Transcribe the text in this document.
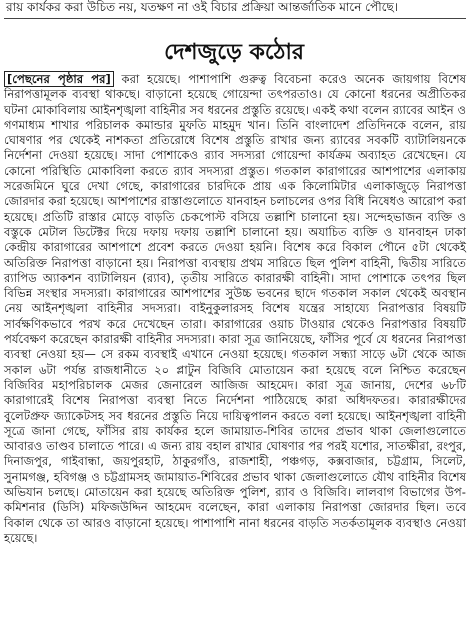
রায় কার্যকর করা উচিত নয়, যতক্ষণ না ওই বিচার প্রক্রিয়া আন্তর্জাতিক মানে পৌছে।
দেশজুড়ে কঠোর
[পেছনের পৃষ্ঠার পর] করা হয়েছে। পাশাপাশি গুরুত্ব বিবেচনা করেও অনেক জায়গায় বিশেষ নিরাপত্তামূলক ব্যবস্থা থাকছে। বাড়ানো হয়েছে গোয়েন্দা তৎপরতাও। যে কোনো ধরনের অপ্রীতিকর ঘটনা মোকাবিলায় আইনশৃঙ্খলা বাহিনীর সব ধরনের প্রস্তুতি রয়েছে। একই কথা বলেন র‍্যাবের আইন ও গণমাধ্যম শাখার পরিচালক কমান্ডার মুফতি মাহমুদ খান। তিনি বাংলাদেশ প্রতিদিনকে বলেন, রায় ঘোষণার পর থেকেই নাশকতা প্রতিরোধে বিশেষ প্রস্তুতি রাখার জন্য র‍্যাবের সবকটি ব্যাটালিয়নকে নির্দেশনা দেওয়া হয়েছে। সাদা পোশাকেও র‍্যাব সদস্যরা গোয়েন্দা কার্যক্রম অব্যাহত রেখেছেন। যে কোনো পরিস্থিতি মোকাবিলা করতে র‍্যাব সদস্যরা প্রস্তুত। গতকাল কারাগারের আশপাশের এলাকায় সরেজমিনে ঘুরে দেখা গেছে, কারাগারের চারদিকে প্রায় এক কিলোমিটার এলাকাজুড়ে নিরাপত্তা জোরদার করা হয়েছে। আশপাশের রাস্তাগুলোতে যানবাহন চলাচলের ওপর বিধি নিষেধও আরোপ করা হয়েছে। প্রতিটি রাস্তার মোড়ে বাড়তি চেকপোস্ট বসিয়ে তল্লাশি চালানো হয়। সন্দেহভাজন ব্যক্তি ও বস্তুকে মেটাল ডিটেক্টর দিয়ে দফায় দফায় তল্লাশি চালানো হয়। অযাচিত ব্যক্তি ও যানবাহন ঢাকা কেন্দ্রীয় কারাগারের আশপাশে প্রবেশ করতে দেওয়া হয়নি। বিশেষ করে বিকাল পৌনে ৫টা থেকেই অতিরিক্ত নিরাপত্তা বাড়ানো হয়। নিরাপত্তা ব্যবস্থায় প্রথম সারিতে ছিল পুলিশ বাহিনী, দ্বিতীয় সারিতে র‍্যাপিড অ্যাকশন ব্যাটালিয়ন (র‍্যাব), তৃতীয় সারিতে কারারক্ষী বাহিনী। সাদা পোশাকে তৎপর ছিল বিভিন্ন সংস্থার সদস্যরা। কারাগারের আশপাশের সুউচ্চ ভবনের ছাদে গতকাল সকাল থেকেই অবস্থান নেয় আইনশৃঙ্খলা বাহিনীর সদস্যরা। বাইনুকুলারসহ বিশেষ যন্ত্রের সাহায্যে নিরাপত্তার বিষয়টি সার্বক্ষণিকভাবে পরখ করে দেখেছেন তারা। কারাগারের ওয়াচ টাওয়ার থেকেও নিরাপত্তার বিষয়টি পর্যবেক্ষণ করেছেন কারারক্ষী বাহিনীর সদস্যরা। কারা সূত্র জানিয়েছে, ফাঁসির পূর্বে যে ধরনের নিরাপত্তা ব্যবস্থা নেওয়া হয়— সে রকম ব্যবস্থাই এখানে নেওয়া হয়েছে। গতকাল সন্ধ্যা সাড়ে ৬টা থেকে আজ সকাল ৬টা পর্যন্ত রাজধানীতে ২০ প্লাটুন বিজিবি মোতায়েন করা হয়েছে বলে নিশ্চিত করেছেন বিজিবির মহাপরিচালক মেজর জেনারেল আজিজ আহমেদ। কারা সূত্র জানায়, দেশের ৬৮টি কারাগারেই বিশেষ নিরাপত্তা ব্যবস্থা নিতে নির্দেশনা পাঠিয়েছে কারা অধিদফতর। কারারক্ষীদের বুলেটপ্রুফ জ্যাকেটসহ সব ধরনের প্রস্তুতি নিয়ে দায়িত্বপালন করতে বলা হয়েছে। আইনশৃঙ্খলা বাহিনী সূত্রে জানা গেছে, ফাঁসির রায় কার্যকর হলে জামায়াত-শিবির তাদের প্রভাব থাকা জেলাগুলোতে আবারও তাণ্ডব চালাতে পারে। এ জন্য রায় বহাল রাখার ঘোষণার পর পরই যশোর, সাতক্ষীরা, রংপুর, দিনাজপুর, গাইবান্ধা, জয়পুরহাট, ঠাকুরগাঁও, রাজশাহী, পঞ্চগড়, কক্সবাজার, চট্টগ্রাম, সিলেট, সুনামগঞ্জ, হবিগঞ্জ ও চট্টগ্রামসহ জামায়াত-শিবিরের প্রভাব থাকা জেলাগুলোতে যৌথ বাহিনীর বিশেষ অভিযান চলছে। মোতায়েন করা হয়েছে অতিরিক্ত পুলিশ, র‍্যাব ও বিজিবি। লালবাগ বিভাগের উপ-কমিশনার (ডিসি) মফিজউদ্দিন আহমেদ বলেছেন, কারা এলাকায় নিরাপত্তা জোরদার ছিল। তবে বিকাল থেকে তা আরও বাড়ানো হয়েছে। পাশাপাশি নানা ধরনের বাড়তি সতর্কতামূলক ব্যবস্থাও নেওয়া হয়েছে।
